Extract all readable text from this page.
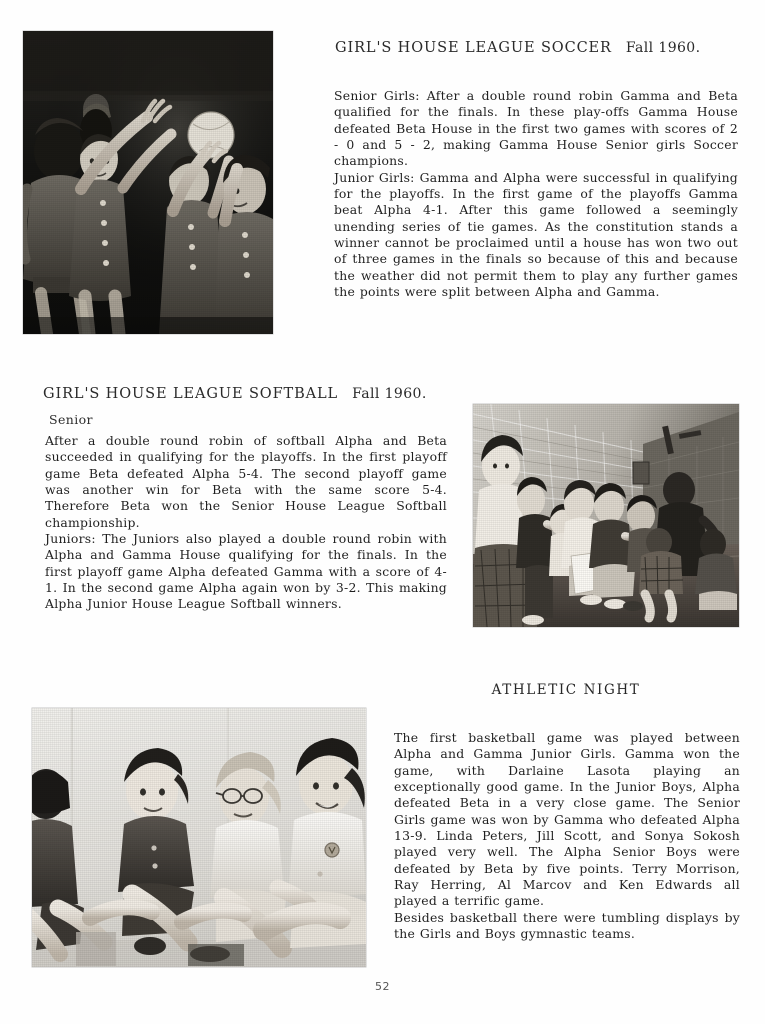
GIRL'S HOUSE LEAGUE SOCCER Fall 1960.

Senior Girls: After a double round robin Gamma and Beta qualified for the finals. In these play-offs Gamma House defeated Beta House in the first two games with scores of 2 - 0 and 5 - 2, making Gamma House Senior girls Soccer champions.

Junior Girls: Gamma and Alpha were successful in qualifying for the playoffs. In the first game of the playoffs Gamma beat Alpha 4-1. After this game followed a seemingly unending series of tie games. As the constitution stands a winner cannot be proclaimed until a house has won two out of three games in the finals so because of this and because the weather did not permit them to play any further games the points were split between Alpha and Gamma.

GIRL'S HOUSE LEAGUE SOFTBALL Fall 1960.
Senior

After a double round robin of softball Alpha and Beta succeeded in qualifying for the playoffs. In the first playoff game Beta defeated Alpha 5-4. The second playoff game was another win for Beta with the same score 5-4. Therefore Beta won the Senior House League Softball championship.

Juniors: The Juniors also played a double round robin with Alpha and Gamma House qualifying for the finals. In the first playoff game Alpha defeated Gamma with a score of 4-1. In the second game Alpha again won by 3-2. This making Alpha Junior House League Softball winners.

ATHLETIC NIGHT

The first basketball game was played between Alpha and Gamma Junior Girls. Gamma won the game, with Darlaine Lasota playing an exceptionally good game. In the Junior Boys, Alpha defeated Beta in a very close game. The Senior Girls game was won by Gamma who defeated Alpha 13-9. Linda Peters, Jill Scott, and Sonya Sokosh played very well. The Alpha Senior Boys were defeated by Beta by five points. Terry Morrison, Ray Herring, Al Marcov and Ken Edwards all played a terrific game.

Besides basketball there were tumbling displays by the Girls and Boys gymnastic teams.

52
